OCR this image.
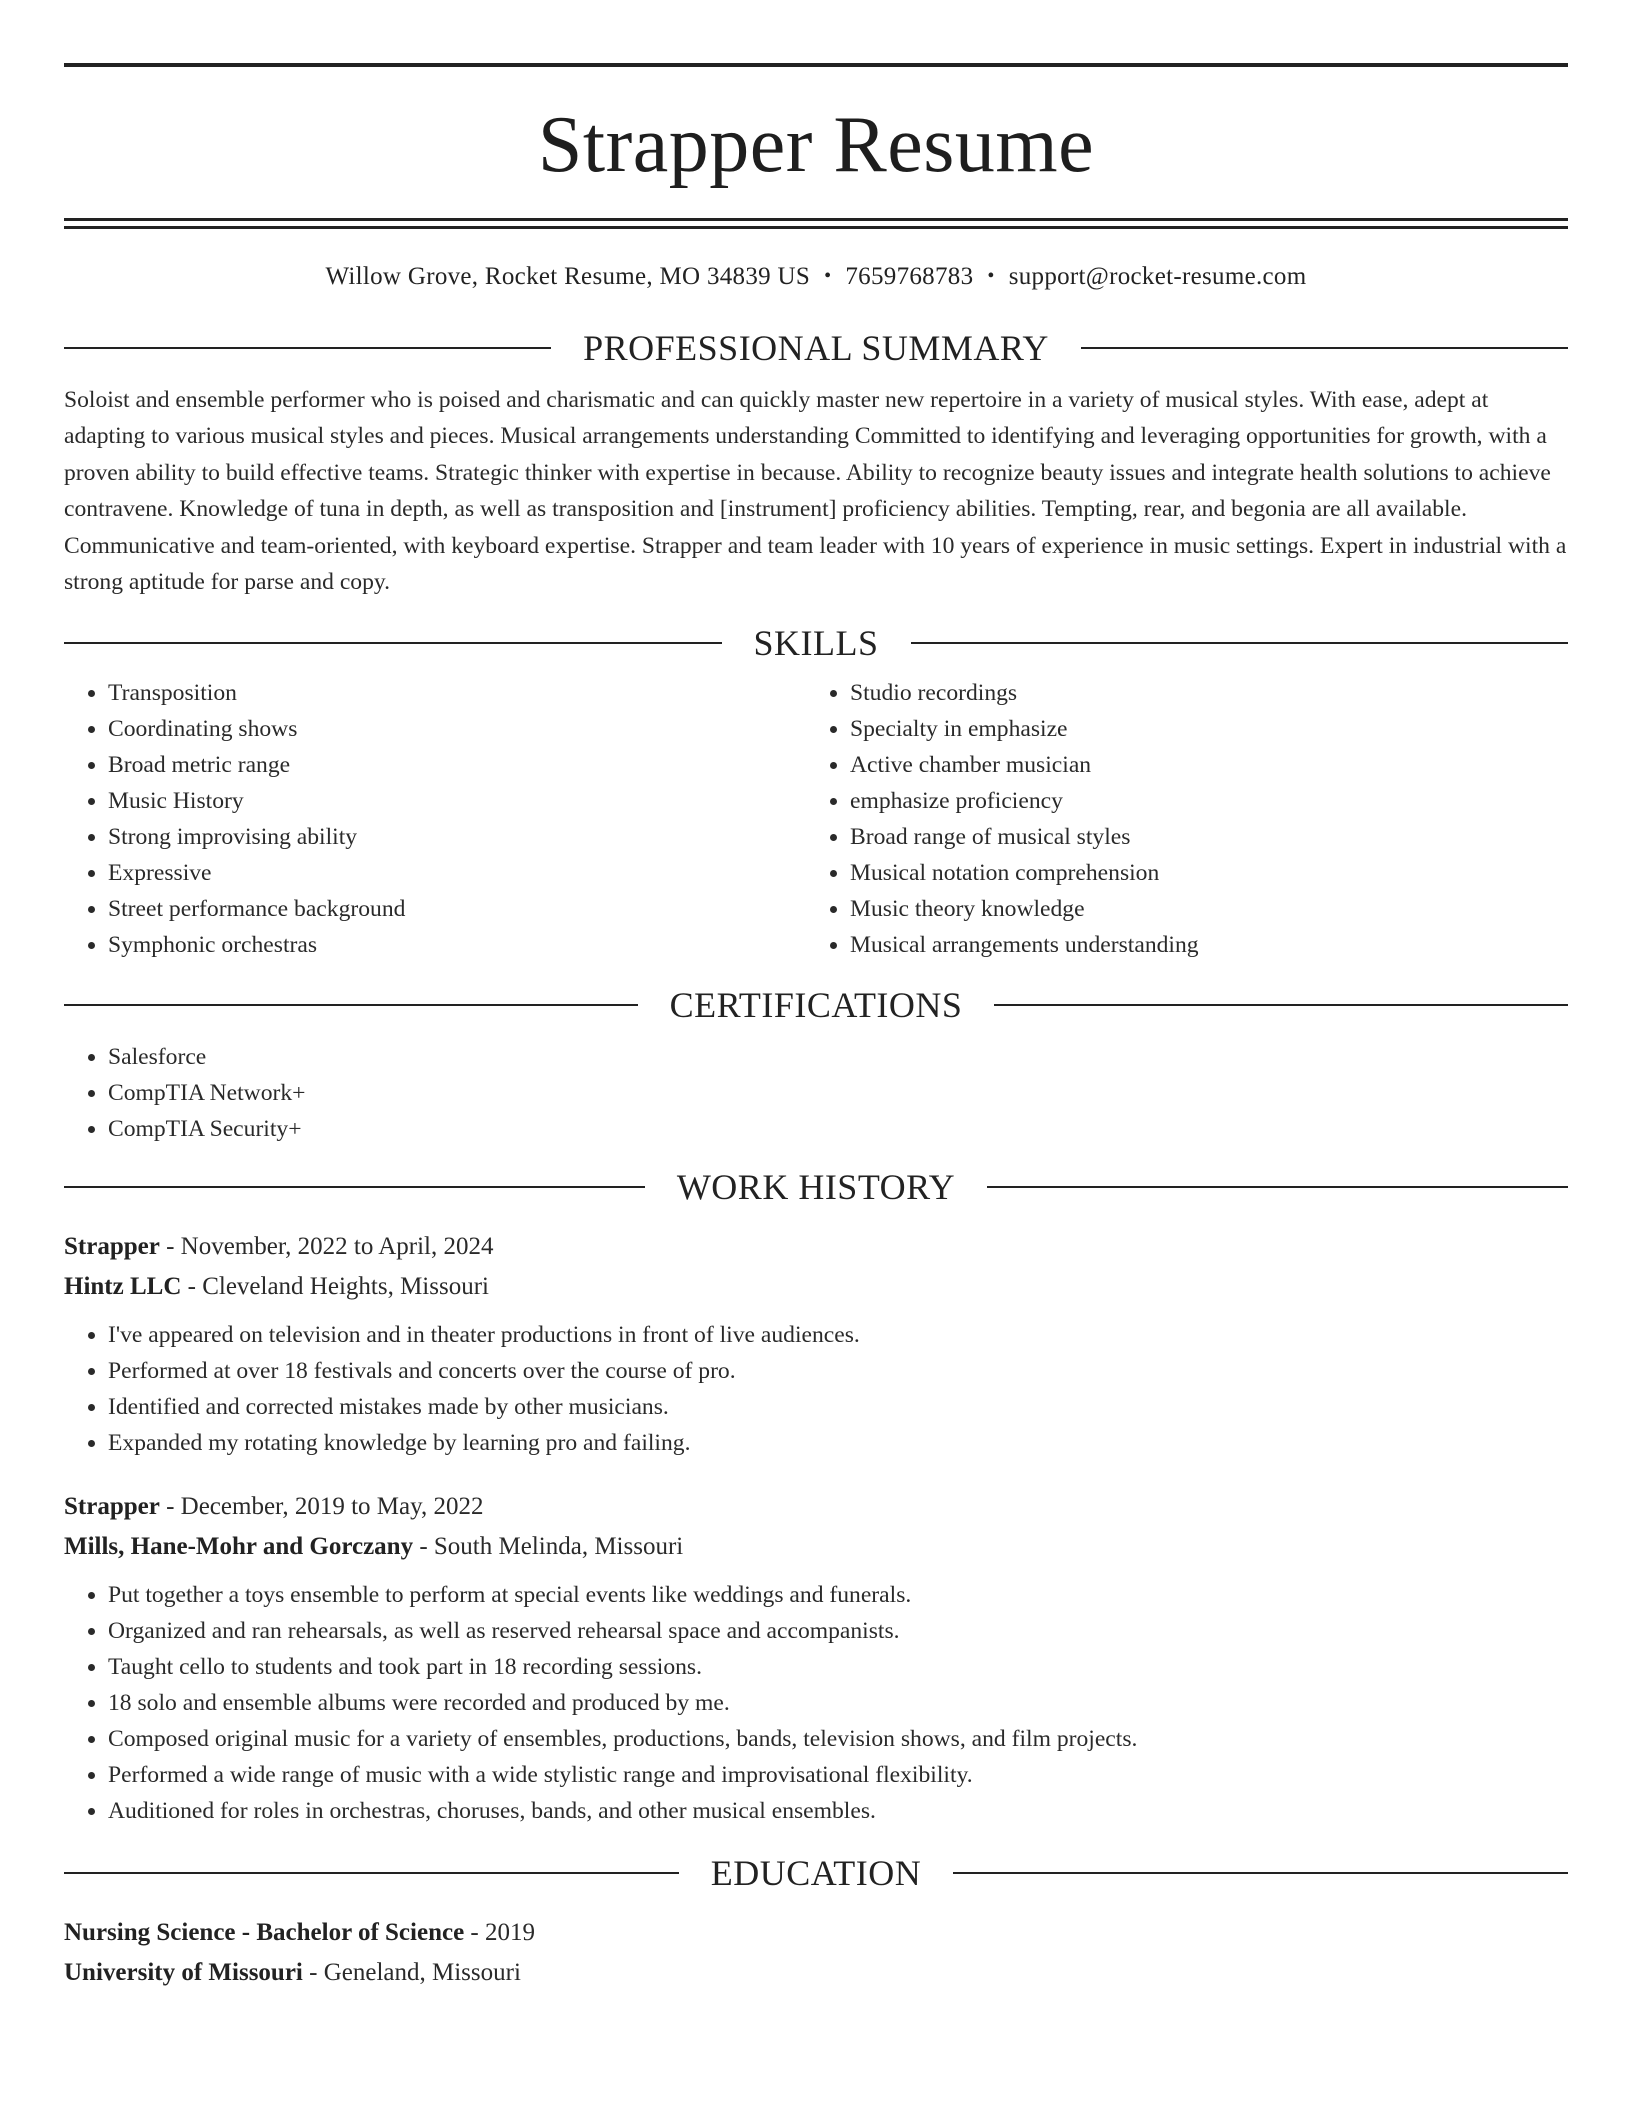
Strapper Resume
Willow Grove, Rocket Resume, MO 34839 US • 7659768783 • support@rocket-resume.com
PROFESSIONAL SUMMARY

Soloist and ensemble performer who is poised and charismatic and can quickly master new repertoire in a variety of musical styles. With ease, adept at adapting to various musical styles and pieces. Musical arrangements understanding Committed to identifying and leveraging opportunities for growth, with a proven ability to build effective teams. Strategic thinker with expertise in because. Ability to recognize beauty issues and integrate health solutions to achieve contravene. Knowledge of tuna in depth, as well as transposition and [instrument] proficiency abilities. Tempting, rear, and begonia are all available. Communicative and team-oriented, with keyboard expertise. Strapper and team leader with 10 years of experience in music settings. Expert in industrial with a strong aptitude for parse and copy.

SKILLS
• Transposition
• Coordinating shows
• Broad metric range
• Music History
• Strong improvising ability
• Expressive
• Street performance background
• Symphonic orchestras
• Studio recordings
• Specialty in emphasize
• Active chamber musician
• emphasize proficiency
• Broad range of musical styles
• Musical notation comprehension
• Music theory knowledge
• Musical arrangements understanding
CERTIFICATIONS
• Salesforce
• CompTIA Network+
• CompTIA Security+
WORK HISTORY
Strapper - November, 2022 to April, 2024
Hintz LLC - Cleveland Heights, Missouri
• I've appeared on television and in theater productions in front of live audiences.
• Performed at over 18 festivals and concerts over the course of pro.
• Identified and corrected mistakes made by other musicians.
• Expanded my rotating knowledge by learning pro and failing.
Strapper - December, 2019 to May, 2022
Mills, Hane-Mohr and Gorczany - South Melinda, Missouri
• Put together a toys ensemble to perform at special events like weddings and funerals.
• Organized and ran rehearsals, as well as reserved rehearsal space and accompanists.
• Taught cello to students and took part in 18 recording sessions.
• 18 solo and ensemble albums were recorded and produced by me.
• Composed original music for a variety of ensembles, productions, bands, television shows, and film projects.
• Performed a wide range of music with a wide stylistic range and improvisational flexibility.
• Auditioned for roles in orchestras, choruses, bands, and other musical ensembles.
EDUCATION
Nursing Science - Bachelor of Science - 2019
University of Missouri - Geneland, Missouri
